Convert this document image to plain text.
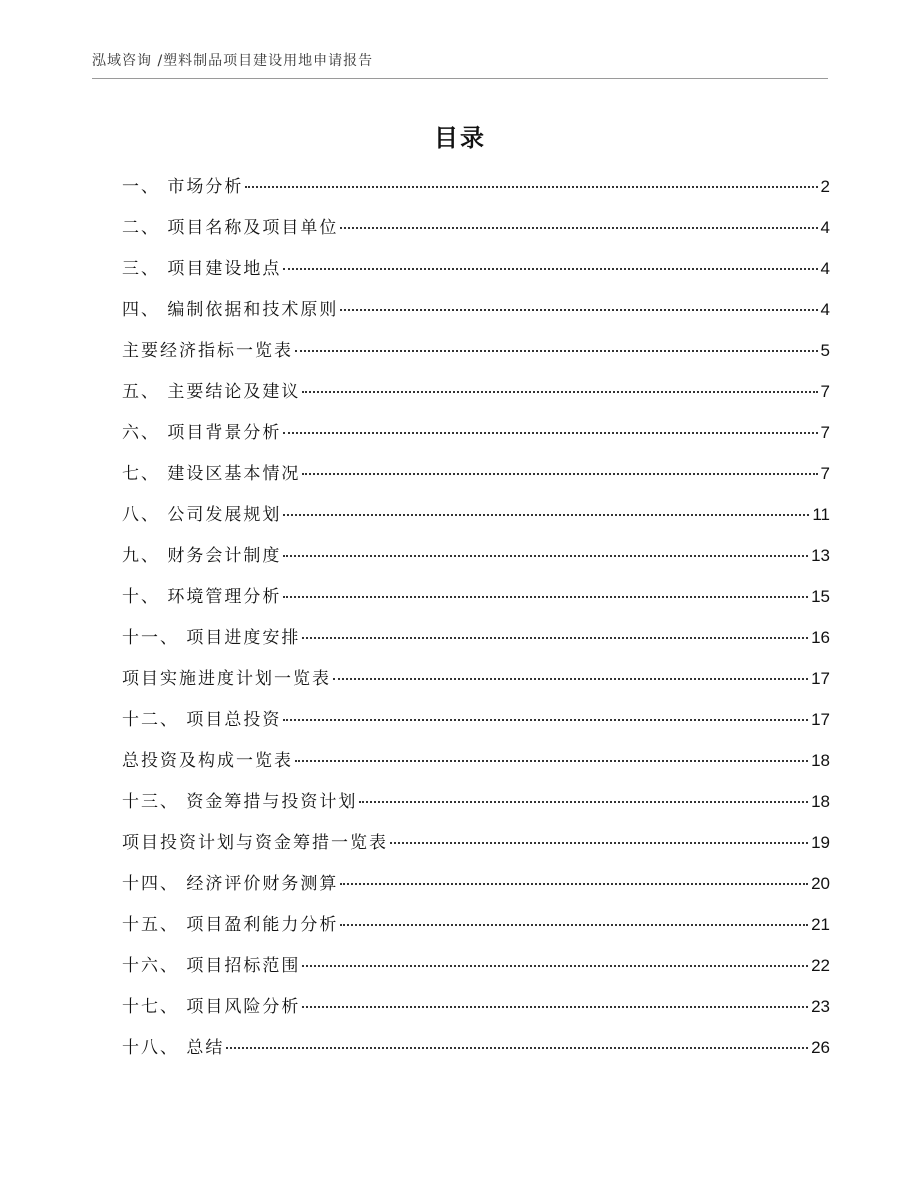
泓域咨询 /塑料制品项目建设用地申请报告
目录
一、 市场分析	2
二、 项目名称及项目单位	4
三、 项目建设地点	4
四、 编制依据和技术原则	4
主要经济指标一览表	5
五、 主要结论及建议	7
六、 项目背景分析	7
七、 建设区基本情况	7
八、 公司发展规划	11
九、 财务会计制度	13
十、 环境管理分析	15
十一、 项目进度安排	16
项目实施进度计划一览表	17
十二、 项目总投资	17
总投资及构成一览表	18
十三、 资金筹措与投资计划	18
项目投资计划与资金筹措一览表	19
十四、 经济评价财务测算	20
十五、 项目盈利能力分析	21
十六、 项目招标范围	22
十七、 项目风险分析	23
十八、 总结	26
